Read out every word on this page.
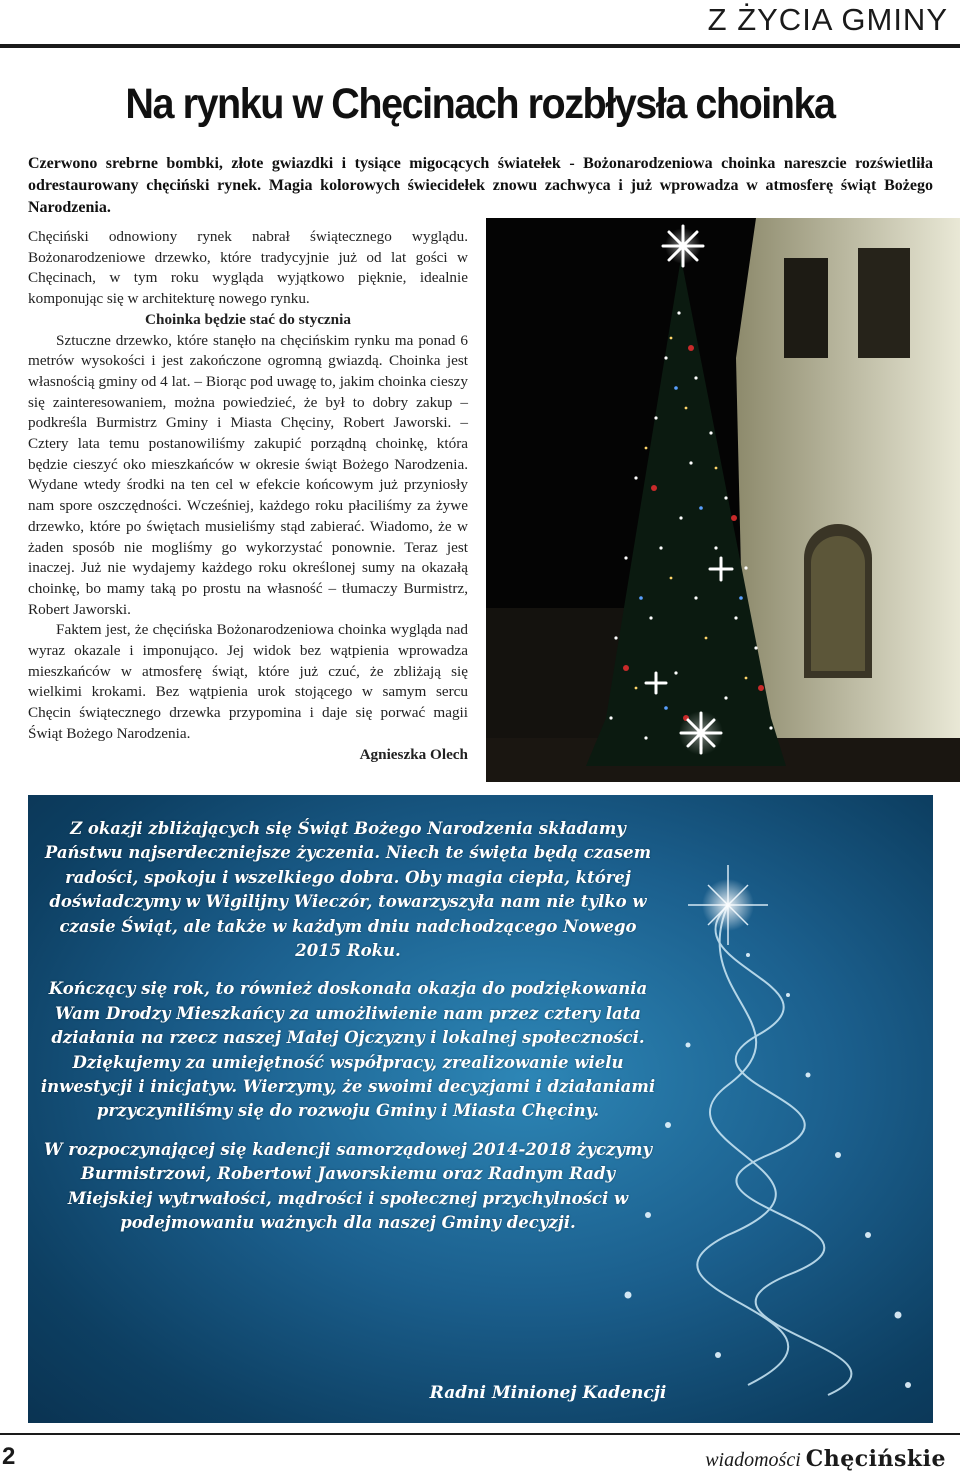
Z ŻYCIA GMINY
Na rynku w Chęcinach rozbłysła choinka
Czerwono srebrne bombki, złote gwiazdki i tysiące migocących światełek - Bożonarodzeniowa choinka nareszcie rozświetliła odrestaurowany chęciński rynek. Magia kolorowych świecidełek znowu zachwyca i już wprowadza w atmosferę świąt Bożego Narodzenia.

Chęciński odnowiony rynek nabrał świątecznego wyglądu. Bożonarodzeniowe drzewko, które tradycyjnie już od lat gości w Chęcinach, w tym roku wygląda wyjątkowo pięknie, idealnie komponując się w architekturę nowego rynku.

Choinka będzie stać do stycznia

Sztuczne drzewko, które stanęło na chęcińskim rynku ma ponad 6 metrów wysokości i jest zakończone ogromną gwiazdą. Choinka jest własnością gminy od 4 lat. – Biorąc pod uwagę to, jakim choinka cieszy się zainteresowaniem, można powiedzieć, że był to dobry zakup – podkreśla Burmistrz Gminy i Miasta Chęciny, Robert Jaworski. – Cztery lata temu postanowiliśmy zakupić porządną choinkę, która będzie cieszyć oko mieszkańców w okresie świąt Bożego Narodzenia. Wydane wtedy środki na ten cel w efekcie końcowym już przyniosły nam spore oszczędności. Wcześniej, każdego roku płaciliśmy za żywe drzewko, które po świętach musieliśmy stąd zabierać. Wiadomo, że w żaden sposób nie mogliśmy go wykorzystać ponownie. Teraz jest inaczej. Już nie wydajemy każdego roku określonej sumy na okazałą choinkę, bo mamy taką po prostu na własność – tłumaczy Burmistrz, Robert Jaworski.

Faktem jest, że chęcińska Bożonarodzeniowa choinka wygląda nad wyraz okazale i imponująco. Jej widok bez wątpienia wprowadza mieszkańców w atmosferę świąt, które już czuć, że zbliżają się wielkimi krokami. Bez wątpienia urok stojącego w samym sercu Chęcin świątecznego drzewka przypomina i daje się porwać magii Świąt Bożego Narodzenia.

Agnieszka Olech

Z okazji zbliżających się Świąt Bożego Narodzenia składamy Państwu najserdeczniejsze życzenia. Niech te święta będą czasem radości, spokoju i wszelkiego dobra. Oby magia ciepła, której doświadczymy w Wigilijny Wieczór, towarzyszyła nam nie tylko w czasie Świąt, ale także w każdym dniu nadchodzącego Nowego 2015 Roku.

Kończący się rok, to również doskonała okazja do podziękowania Wam Drodzy Mieszkańcy za umożliwienie nam przez cztery lata działania na rzecz naszej Małej Ojczyzny i lokalnej społeczności. Dziękujemy za umiejętność współpracy, zrealizowanie wielu inwestycji i inicjatyw. Wierzymy, że swoimi decyzjami i działaniami przyczyniliśmy się do rozwoju Gminy i Miasta Chęciny.

W rozpoczynającej się kadencji samorządowej 2014-2018 życzymy Burmistrzowi, Robertowi Jaworskiemu oraz Radnym Rady Miejskiej wytrwałości, mądrości i społecznej przychylności w podejmowaniu ważnych dla naszej Gminy decyzji.

Radni Minionej Kadencji
2	wiadomości Chęcińskie
